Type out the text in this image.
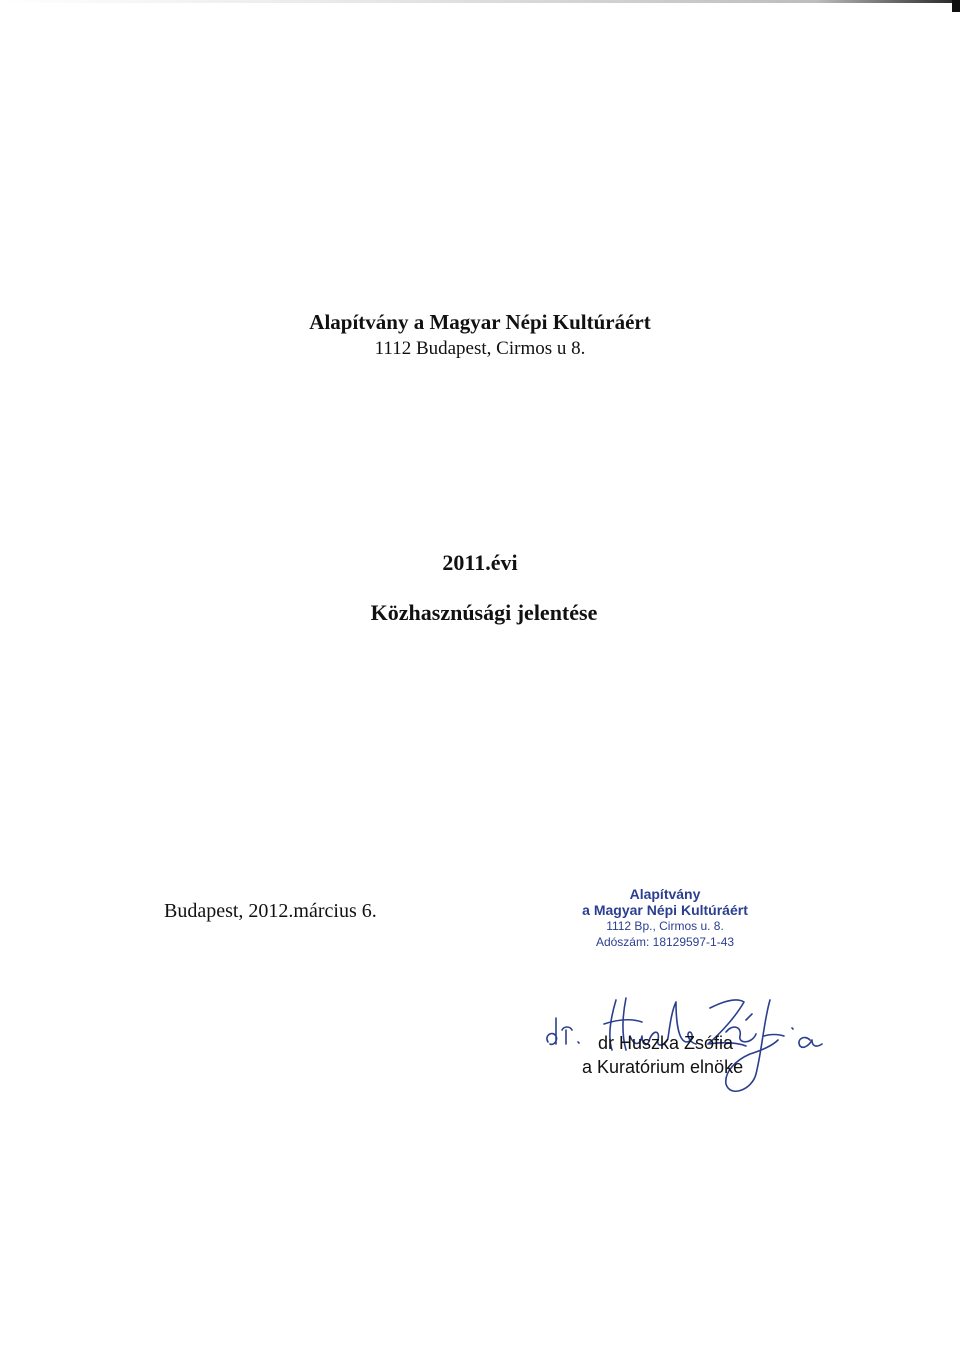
Alapítvány a Magyar Népi Kultúráért
1112 Budapest, Cirmos u 8.
2011.évi
Közhasznúsági jelentése
Budapest, 2012.március 6.
Alapítvány
a Magyar Népi Kultúráért
1112 Bp., Cirmos u. 8.
Adószám: 18129597-1-43
dr Huszka Zsófia
a Kuratórium elnöke
